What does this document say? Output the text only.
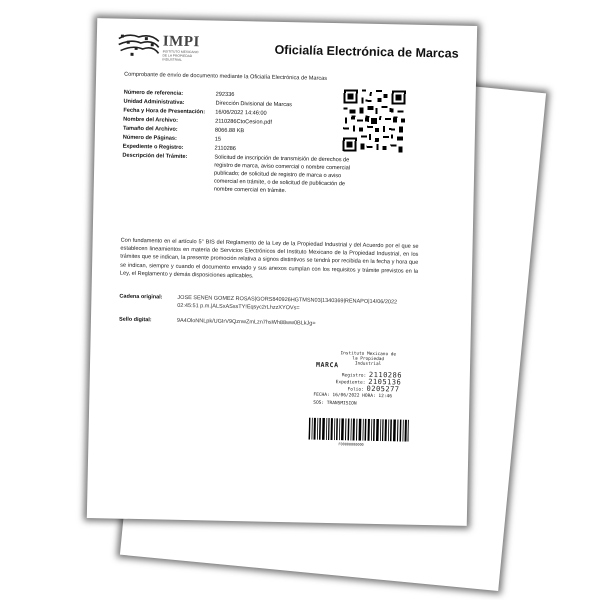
IMPI
INSTITUTO MEXICANO DE LA PROPIEDAD INDUSTRIAL	Oficialía Electrónica de Marcas
Comprobante de envío de documento mediante la Oficialía Electrónica de Marcas
Número de referencia:	292336
Unidad Administrativa:	Dirección Divisional de Marcas
Fecha y Hora de Presentación:	16/06/2022 14:46:00
Nombre del Archivo:	2110286CtoCesion.pdf
Tamaño del Archivo:	8066.88 KB
Número de Páginas:	15
Expediente o Registro:	2110286
Descripción del Trámite:	Solicitud de inscripción de transmisión de derechos de registro de marca, aviso comercial o nombre comercial publicado; de solicitud de registro de marca o aviso comercial en trámite, o de solicitud de publicación de nombre comercial en trámite.
Con fundamento en el artículo 5° BIS del Reglamento de la Ley de la Propiedad Industrial y del Acuerdo por el que se establecen lineamientos en materia de Servicios Electrónicos del Instituto Mexicano de la Propiedad Industrial, en los trámites que se indican, la presente promoción relativa a signos distintivos se tendrá por recibida en la fecha y hora que se indican, siempre y cuando el documento enviado y sus anexos cumplan con los requisitos y trámite previstos en la Ley, el Reglamento y demás disposiciones aplicables.
Cadena original:	JOSE SENEN GOMEZ ROSAS|GORS840926HGTMSN03|1340369|RENAPO|14/06/2022 02:45:51 p.m.|ALSxASssTY!Eqsyc2rLhzzXYOVs=
Sello digital:	9A4OloNNLpk/UGIrV9QznwZmLzn7hsWh88ww0BLkJg=
Instituto Mexicano de la Propiedad Industrial
MARCA
Registro: 2110286
Expediente: 2105136
Folio: 0205277
FECHA: 16/06/2022 HORA: 12:46
SOS: TRANSMISION
F00000000000
